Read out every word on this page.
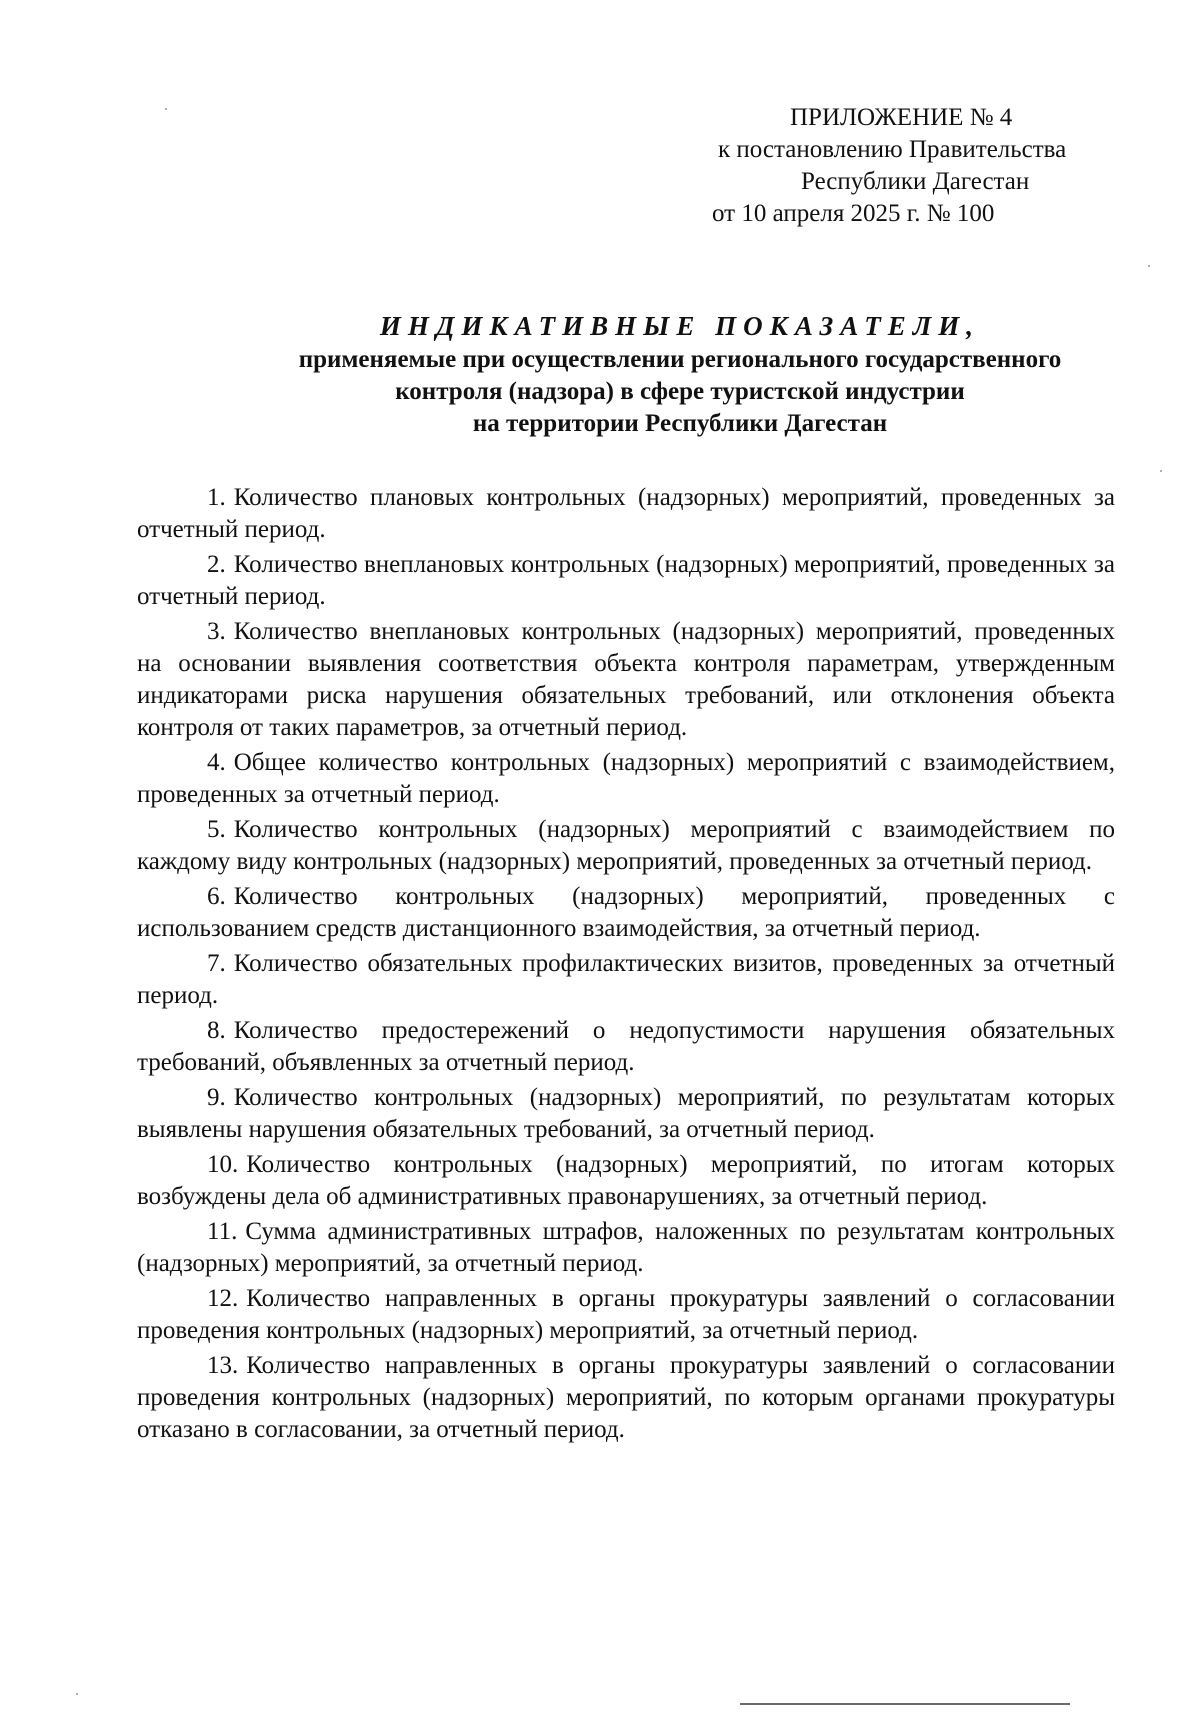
ПРИЛОЖЕНИЕ № 4
к постановлению Правительства
Республики Дагестан
от 10 апреля 2025 г. № 100
ИНДИКАТИВНЫЕ ПОКАЗАТЕЛИ,
применяемые при осуществлении регионального государственного
контроля (надзора) в сфере туристской индустрии
на территории Республики Дагестан

1. Количество плановых контрольных (надзорных) мероприятий, проведенных за отчетный период.

2. Количество внеплановых контрольных (надзорных) мероприятий, проведенных за отчетный период.

3. Количество внеплановых контрольных (надзорных) мероприятий, проведенных на основании выявления соответствия объекта контроля параметрам, утвержденным индикаторами риска нарушения обязательных требований, или отклонения объекта контроля от таких параметров, за отчетный период.

4. Общее количество контрольных (надзорных) мероприятий с взаимодействием, проведенных за отчетный период.

5. Количество контрольных (надзорных) мероприятий с взаимодействием по каждому виду контрольных (надзорных) мероприятий, проведенных за отчетный период.

6. Количество контрольных (надзорных) мероприятий, проведенных с использованием средств дистанционного взаимодействия, за отчетный период.

7. Количество обязательных профилактических визитов, проведенных за отчетный период.

8. Количество предостережений о недопустимости нарушения обязательных требований, объявленных за отчетный период.

9. Количество контрольных (надзорных) мероприятий, по результатам которых выявлены нарушения обязательных требований, за отчетный период.

10. Количество контрольных (надзорных) мероприятий, по итогам которых возбуждены дела об административных правонарушениях, за отчетный период.

11. Сумма административных штрафов, наложенных по результатам контрольных (надзорных) мероприятий, за отчетный период.

12. Количество направленных в органы прокуратуры заявлений о согласовании проведения контрольных (надзорных) мероприятий, за отчетный период.

13. Количество направленных в органы прокуратуры заявлений о согласовании проведения контрольных (надзорных) мероприятий, по которым органами прокуратуры отказано в согласовании, за отчетный период.
